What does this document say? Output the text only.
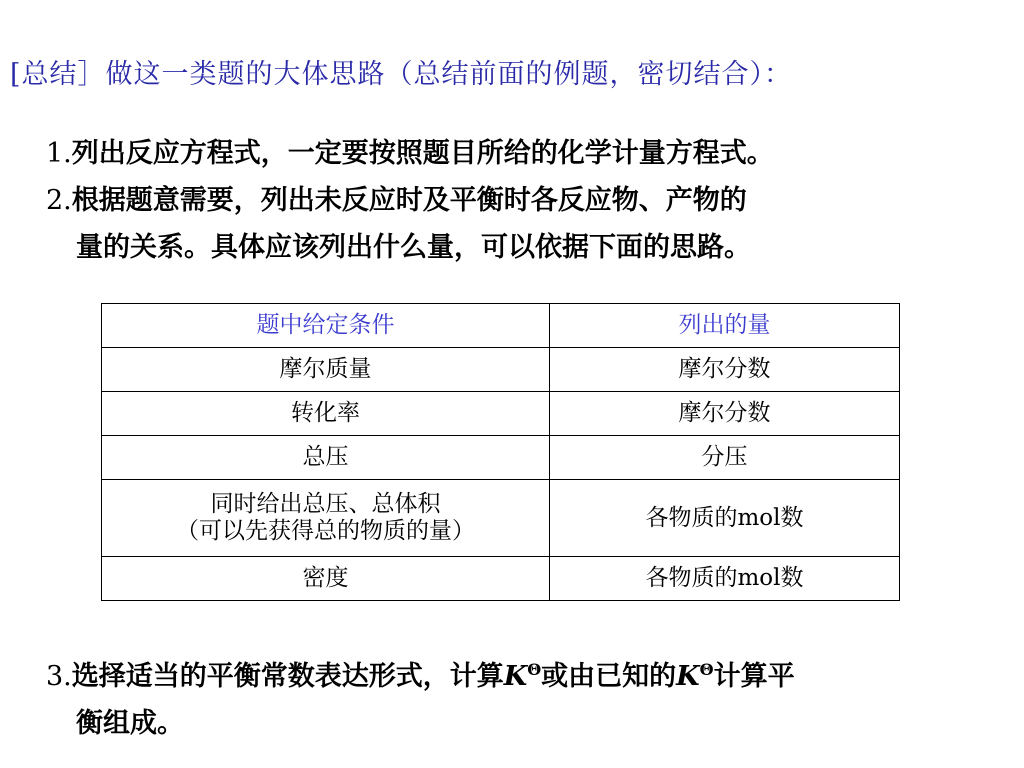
[总结］做这一类题的大体思路（总结前面的例题，密切结合）：
1.列出反应方程式，一定要按照题目所给的化学计量方程式。
2.根据题意需要，列出未反应时及平衡时各反应物、产物的
量的关系。具体应该列出什么量，可以依据下面的思路。
题中给定条件	列出的量
摩尔质量	摩尔分数
转化率	摩尔分数
总压	分压

同时给出总压、总体积
（可以先获得总的物质的量）	各物质的mol数
密度	各物质的mol数
3.选择适当的平衡常数表达形式，计算$K^\Theta$或由已知的$K^\Theta$计算平
衡组成。
